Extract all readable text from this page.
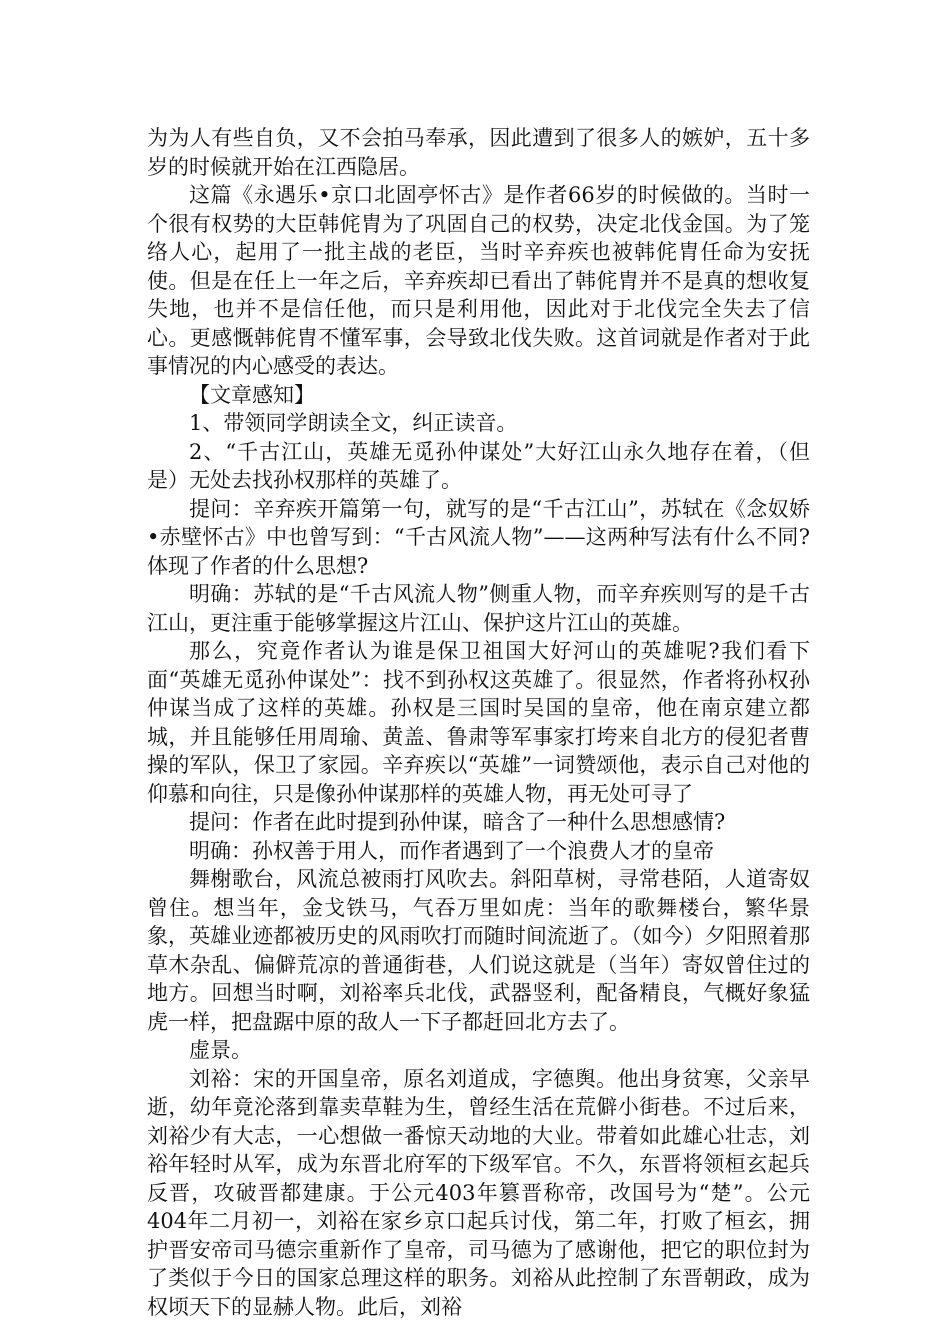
为为人有些自负，又不会拍马奉承，因此遭到了很多人的嫉妒，五十多岁的时候就开始在江西隐居。

这篇《永遇乐•京口北固亭怀古》是作者66岁的时候做的。当时一个很有权势的大臣韩侂胄为了巩固自己的权势，决定北伐金国。为了笼络人心，起用了一批主战的老臣，当时辛弃疾也被韩侂胄任命为安抚使。但是在任上一年之后，辛弃疾却已看出了韩侂胄并不是真的想收复失地，也并不是信任他，而只是利用他，因此对于北伐完全失去了信心。更感慨韩侂胄不懂军事，会导致北伐失败。这首词就是作者对于此事情况的内心感受的表达。

【文章感知】

1、带领同学朗读全文，纠正读音。

2、“千古江山，英雄无觅孙仲谋处”大好江山永久地存在着，（但是）无处去找孙权那样的英雄了。

提问：辛弃疾开篇第一句，就写的是“千古江山”，苏轼在《念奴娇•赤壁怀古》中也曾写到：“千古风流人物”——这两种写法有什么不同?体现了作者的什么思想?

明确：苏轼的是“千古风流人物”侧重人物，而辛弃疾则写的是千古江山，更注重于能够掌握这片江山、保护这片江山的英雄。

那么，究竟作者认为谁是保卫祖国大好河山的英雄呢?我们看下面“英雄无觅孙仲谋处”：找不到孙权这英雄了。很显然，作者将孙权孙仲谋当成了这样的英雄。孙权是三国时吴国的皇帝，他在南京建立都城，并且能够任用周瑜、黄盖、鲁肃等军事家打垮来自北方的侵犯者曹操的军队，保卫了家园。辛弃疾以“英雄”一词赞颂他，表示自己对他的仰慕和向往，只是像孙仲谋那样的英雄人物，再无处可寻了

提问：作者在此时提到孙仲谋，暗含了一种什么思想感情?

明确：孙权善于用人，而作者遇到了一个浪费人才的皇帝

舞榭歌台，风流总被雨打风吹去。斜阳草树，寻常巷陌，人道寄奴曾住。想当年，金戈铁马，气吞万里如虎：当年的歌舞楼台，繁华景象，英雄业迹都被历史的风雨吹打而随时间流逝了。（如今）夕阳照着那草木杂乱、偏僻荒凉的普通街巷，人们说这就是（当年）寄奴曾住过的地方。回想当时啊，刘裕率兵北伐，武器竖利，配备精良，气概好象猛虎一样，把盘踞中原的敌人一下子都赶回北方去了。

虚景。

刘裕：宋的开国皇帝，原名刘道成，字德舆。他出身贫寒，父亲早逝，幼年竟沦落到靠卖草鞋为生，曾经生活在荒僻小街巷。不过后来，刘裕少有大志，一心想做一番惊天动地的大业。带着如此雄心壮志，刘裕年轻时从军，成为东晋北府军的下级军官。不久，东晋将领桓玄起兵反晋，攻破晋都建康。于公元403年篡晋称帝，改国号为“楚”。公元404年二月初一，刘裕在家乡京口起兵讨伐，第二年，打败了桓玄，拥护晋安帝司马德宗重新作了皇帝，司马德为了感谢他，把它的职位封为了类似于今日的国家总理这样的职务。刘裕从此控制了东晋朝政，成为权顷天下的显赫人物。此后，刘裕
